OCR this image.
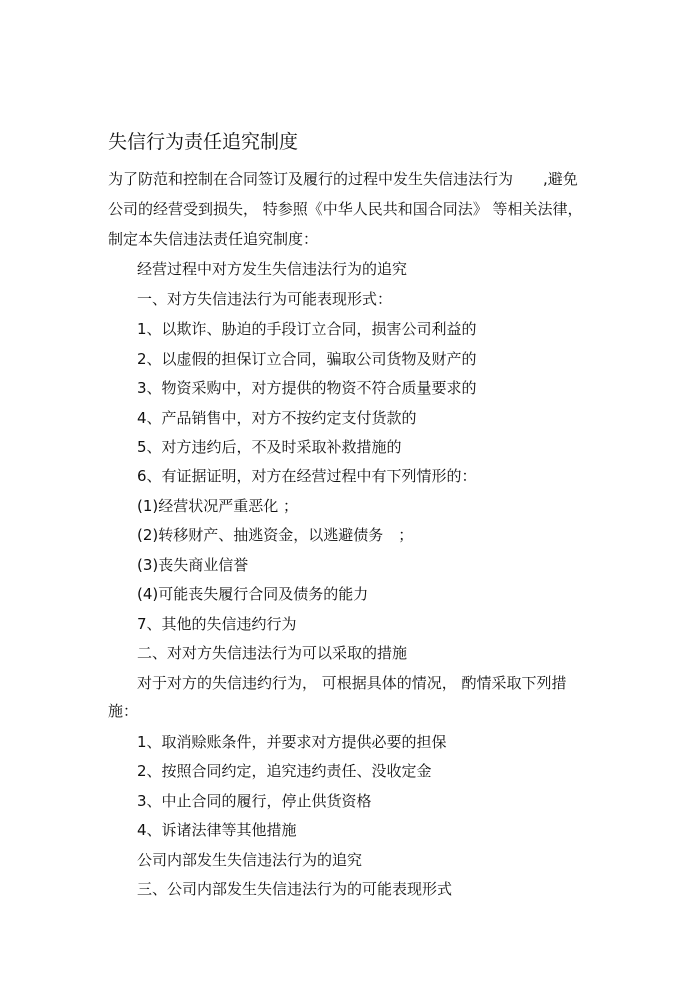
失信行为责任追究制度
为了防范和控制在合同签订及履行的过程中发生失信违法行为　　,避免
公司的经营受到损失， 特参照《中华人民共和国合同法》 等相关法律，
制定本失信违法责任追究制度：
经营过程中对方发生失信违法行为的追究
一、对方失信违法行为可能表现形式：
1、以欺诈、胁迫的手段订立合同，损害公司利益的
2、以虚假的担保订立合同，骗取公司货物及财产的
3、物资采购中，对方提供的物资不符合质量要求的
4、产品销售中，对方不按约定支付货款的
5、对方违约后，不及时采取补救措施的
6、有证据证明，对方在经营过程中有下列情形的：
(1)经营状况严重恶化 ；
(2)转移财产、抽逃资金，以逃避债务　；
(3)丧失商业信誉
(4)可能丧失履行合同及债务的能力
7、其他的失信违约行为
二、对对方失信违法行为可以采取的措施
对于对方的失信违约行为， 可根据具体的情况， 酌情采取下列措
施：
1、取消赊账条件，并要求对方提供必要的担保
2、按照合同约定，追究违约责任、没收定金
3、中止合同的履行，停止供货资格
4、诉诸法律等其他措施
公司内部发生失信违法行为的追究
三、公司内部发生失信违法行为的可能表现形式
